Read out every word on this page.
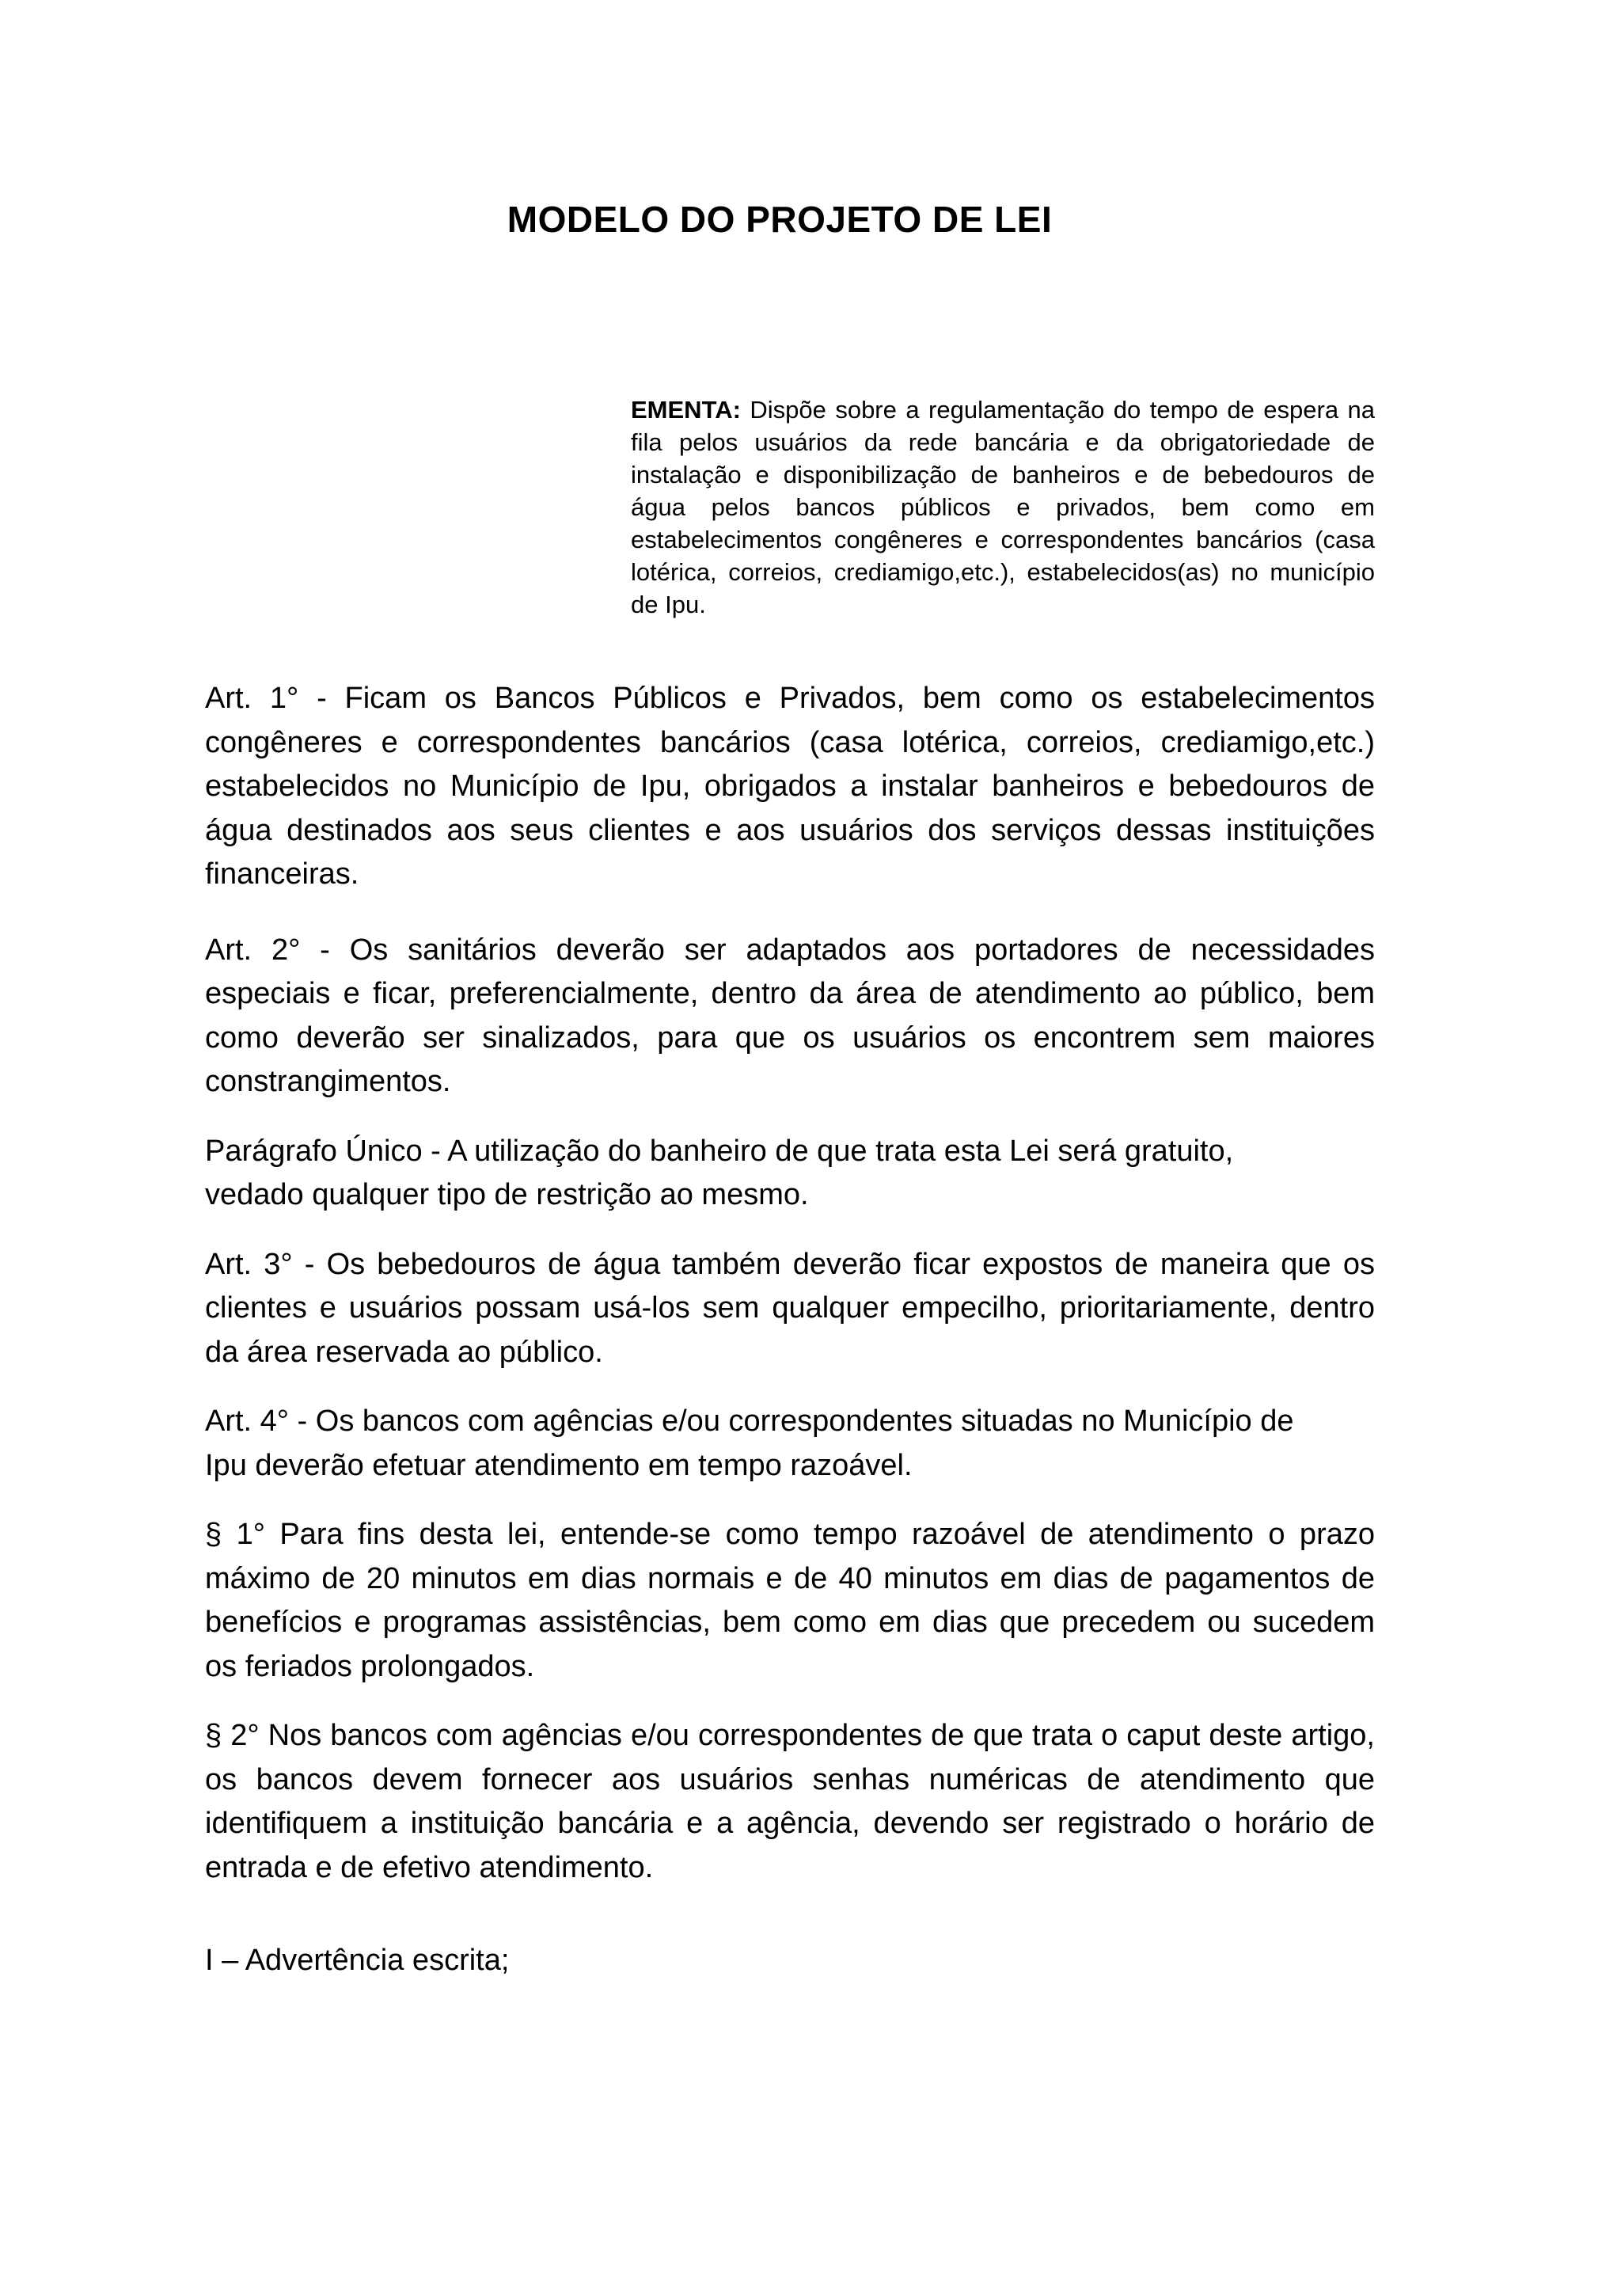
MODELO DO PROJETO DE LEI

EMENTA: Dispõe sobre a regulamentação do tempo de espera na fila pelos usuários da rede bancária e da obrigatoriedade de instalação e disponibilização de banheiros e de bebedouros de água pelos bancos públicos e privados, bem como em estabelecimentos congêneres e correspondentes bancários (casa lotérica, correios, crediamigo,etc.), estabelecidos(as) no município de Ipu.

Art. 1° - Ficam os Bancos Públicos e Privados, bem como os estabelecimentos congêneres e correspondentes bancários (casa lotérica, correios, crediamigo,etc.) estabelecidos no Município de Ipu, obrigados a instalar banheiros e bebedouros de água destinados aos seus clientes e aos usuários dos serviços dessas instituições financeiras.

Art. 2° - Os sanitários deverão ser adaptados aos portadores de necessidades especiais e ficar, preferencialmente, dentro da área de atendimento ao público, bem como deverão ser sinalizados, para que os usuários os encontrem sem maiores constrangimentos.

Parágrafo Único - A utilização do banheiro de que trata esta Lei será gratuito,
vedado qualquer tipo de restrição ao mesmo.

Art. 3° - Os bebedouros de água também deverão ficar expostos de maneira que os clientes e usuários possam usá-los sem qualquer empecilho, prioritariamente, dentro da área reservada ao público.

Art. 4° - Os bancos com agências e/ou correspondentes situadas no Município de
Ipu deverão efetuar atendimento em tempo razoável.

§ 1° Para fins desta lei, entende-se como tempo razoável de atendimento o prazo máximo de 20 minutos em dias normais e de 40 minutos em dias de pagamentos de benefícios e programas assistências, bem como em dias que precedem ou sucedem os feriados prolongados.

§ 2° Nos bancos com agências e/ou correspondentes de que trata o caput deste artigo, os bancos devem fornecer aos usuários senhas numéricas de atendimento que identifiquem a instituição bancária e a agência, devendo ser registrado o horário de entrada e de efetivo atendimento.

I – Advertência escrita;
